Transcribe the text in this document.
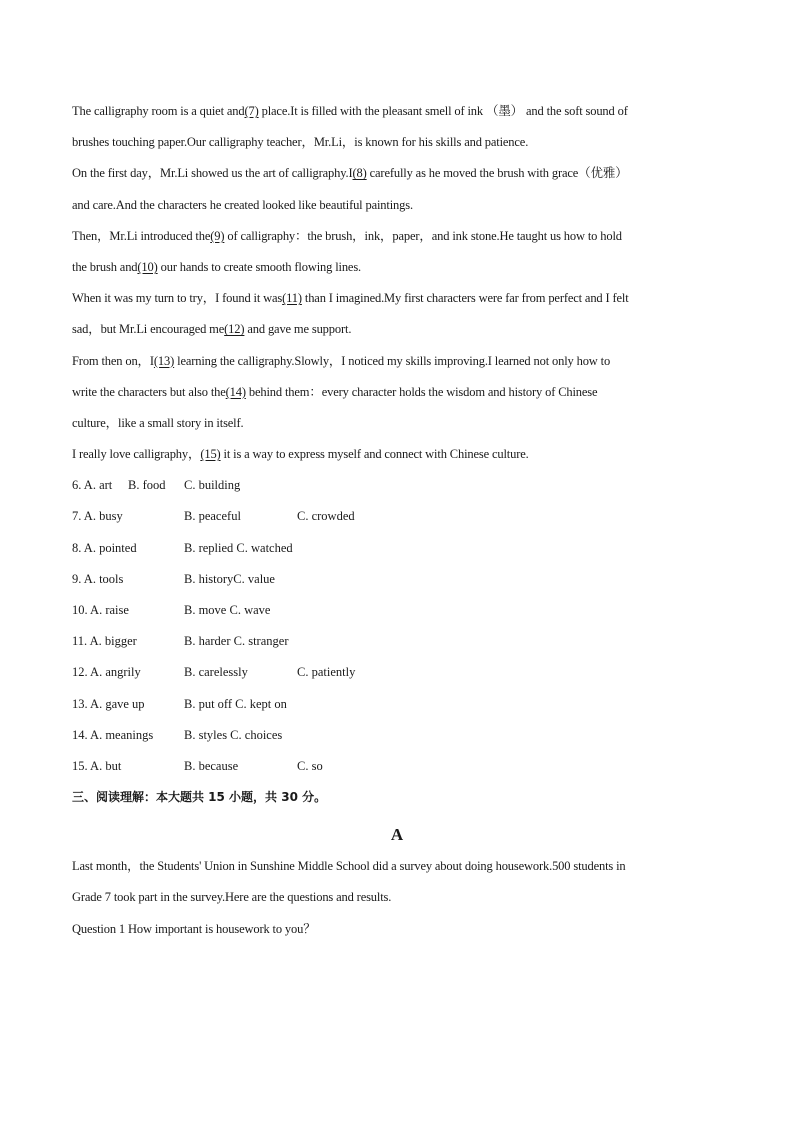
The calligraphy room is a quiet and(7) place.It is filled with the pleasant smell of ink （墨） and the soft sound of
brushes touching paper.Our calligraphy teacher，Mr.Li，is known for his skills and patience.
On the first day，Mr.Li showed us the art of calligraphy.I(8) carefully as he moved the brush with grace（优雅）
and care.And the characters he created looked like beautiful paintings.
Then，Mr.Li introduced the(9) of calligraphy：the brush，ink，paper，and ink stone.He taught us how to hold
the brush and(10) our hands to create smooth flowing lines.
When it was my turn to try，I found it was(11) than I imagined.My first characters were far from perfect and I felt
sad，but Mr.Li encouraged me(12) and gave me support.
From then on，I(13) learning the calligraphy.Slowly，I noticed my skills improving.I learned not only how to
write the characters but also the(14) behind them：every character holds the wisdom and history of Chinese
culture，like a small story in itself.
I really love calligraphy，(15) it is a way to express myself and connect with Chinese culture.
6. A. art B. food C. building
7. A. busy	B. peaceful	C. crowded
8. A. pointed	B. replied C. watched
9. A. tools	B. historyC. value
10. A. raise	B. move C. wave
11. A. bigger	B. harder C. stranger
12. A. angrily	B. carelessly	C. patiently
13. A. gave up	B. put off C. kept on
14. A. meanings B. styles C. choices
15. A. but	B. because	C. so
三、阅读理解：本大题共 15 小题，共 30 分。
A
Last month，the Students' Union in Sunshine Middle School did a survey about doing housework.500 students in
Grade 7 took part in the survey.Here are the questions and results.
Question 1 How important is housework to you？
